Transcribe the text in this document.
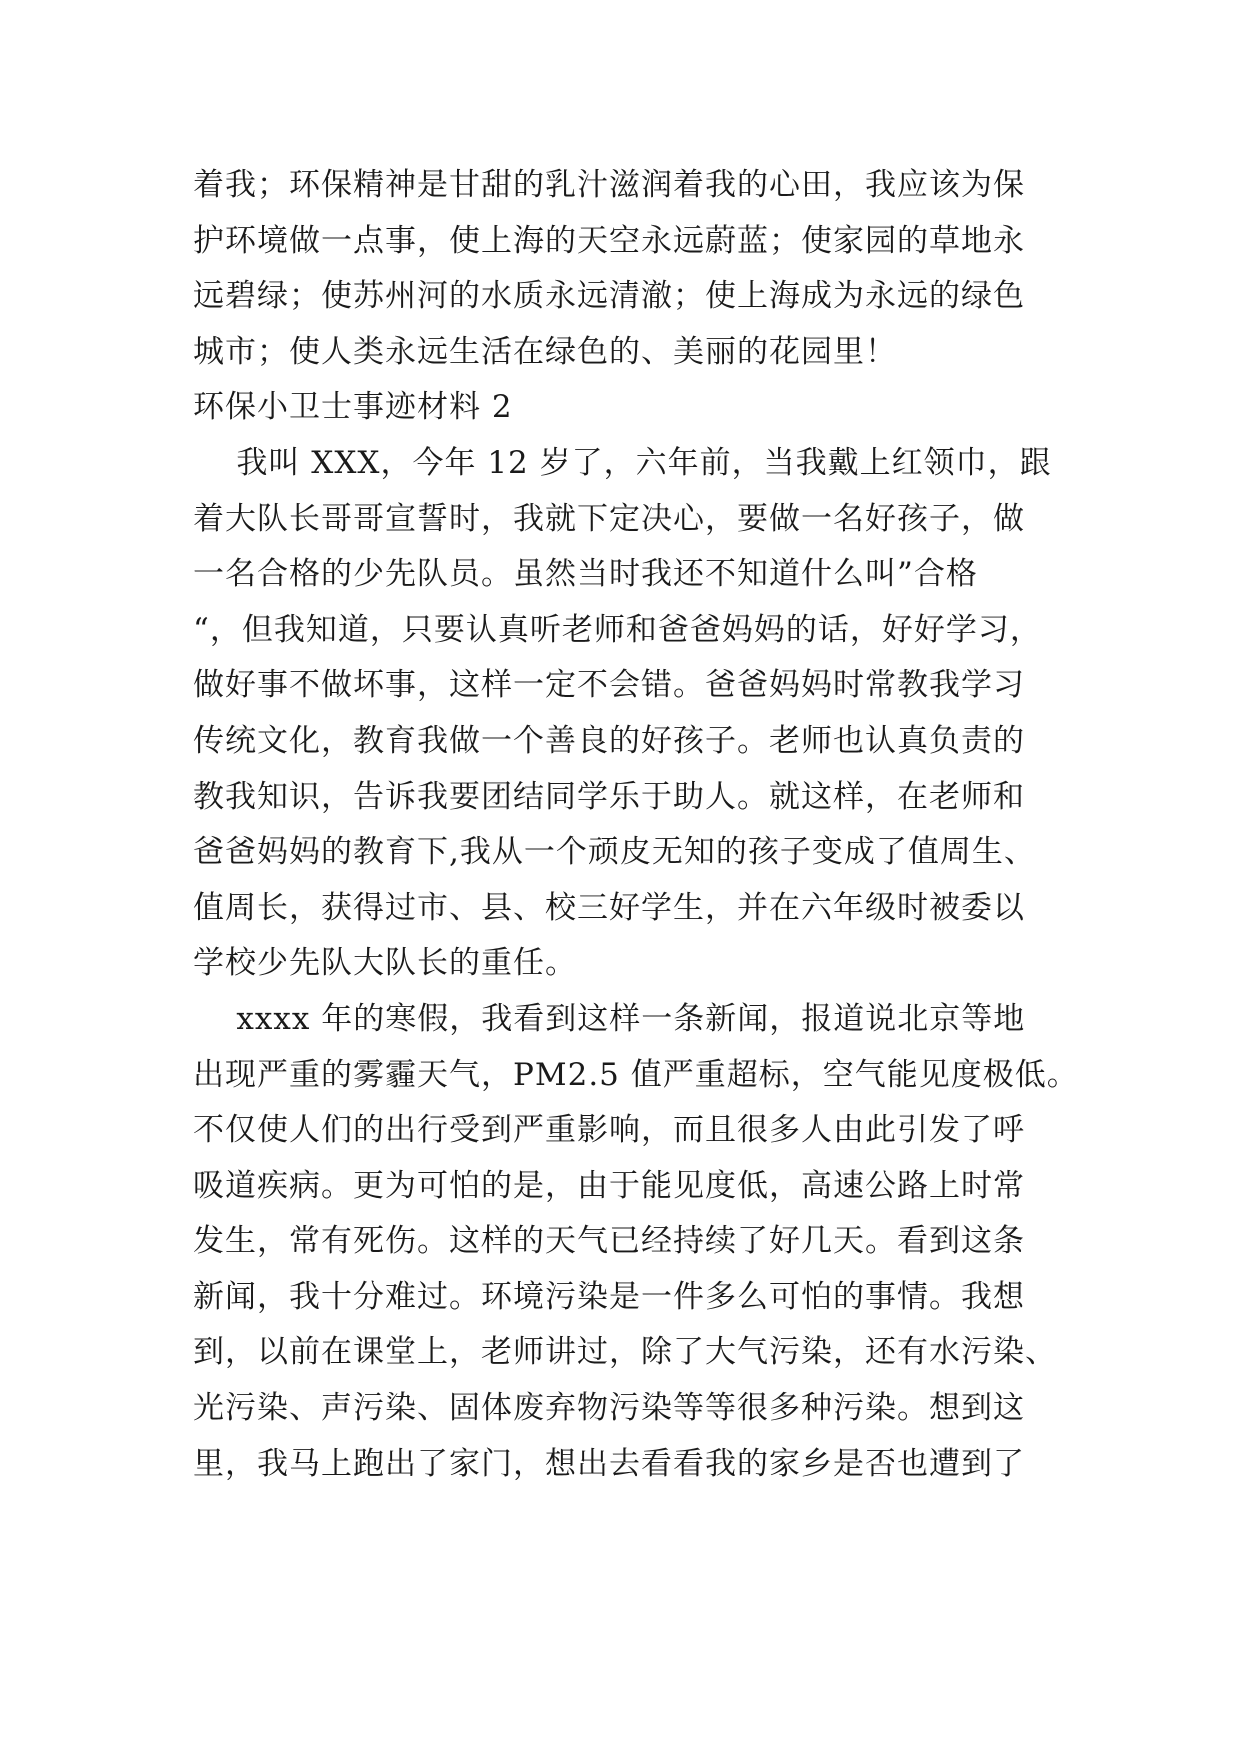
着我；环保精神是甘甜的乳汁滋润着我的心田，我应该为保
护环境做一点事，使上海的天空永远蔚蓝；使家园的草地永
远碧绿；使苏州河的水质永远清澈；使上海成为永远的绿色
城市；使人类永远生活在绿色的、美丽的花园里！
环保小卫士事迹材料 2
我叫 XXX，今年 12 岁了，六年前，当我戴上红领巾，跟
着大队长哥哥宣誓时，我就下定决心，要做一名好孩子，做
一名合格的少先队员。虽然当时我还不知道什么叫”合格
“，但我知道，只要认真听老师和爸爸妈妈的话，好好学习，
做好事不做坏事，这样一定不会错。爸爸妈妈时常教我学习
传统文化，教育我做一个善良的好孩子。老师也认真负责的
教我知识，告诉我要团结同学乐于助人。就这样，在老师和
爸爸妈妈的教育下,我从一个顽皮无知的孩子变成了值周生、
值周长，获得过市、县、校三好学生，并在六年级时被委以
学校少先队大队长的重任。
xxxx 年的寒假，我看到这样一条新闻，报道说北京等地
出现严重的雾霾天气，PM2.5 值严重超标，空气能见度极低。
不仅使人们的出行受到严重影响，而且很多人由此引发了呼
吸道疾病。更为可怕的是，由于能见度低，高速公路上时常
发生，常有死伤。这样的天气已经持续了好几天。看到这条
新闻，我十分难过。环境污染是一件多么可怕的事情。我想
到，以前在课堂上，老师讲过，除了大气污染，还有水污染、
光污染、声污染、固体废弃物污染等等很多种污染。想到这
里，我马上跑出了家门，想出去看看我的家乡是否也遭到了
